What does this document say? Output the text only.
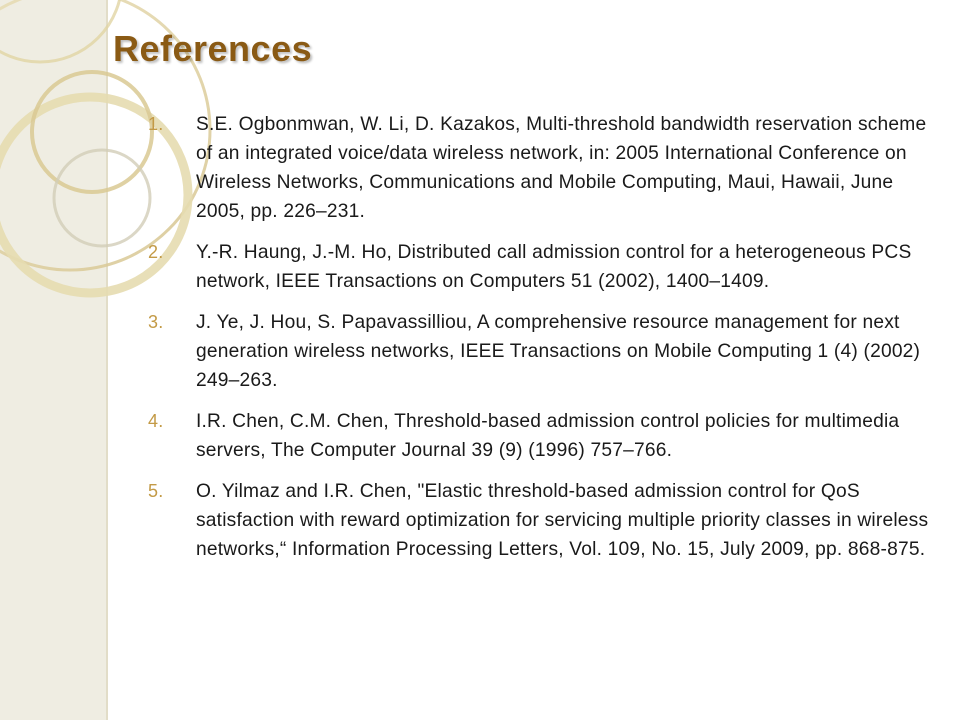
References
1. S.E. Ogbonmwan, W. Li, D. Kazakos, Multi-threshold bandwidth reservation scheme of an integrated voice/data wireless network, in: 2005 International Conference on Wireless Networks, Communications and Mobile Computing, Maui, Hawaii, June 2005, pp. 226–231.
2. Y.-R. Haung, J.-M. Ho, Distributed call admission control for a heterogeneous PCS network, IEEE Transactions on Computers 51 (2002), 1400–1409.
3. J. Ye, J. Hou, S. Papavassilliou, A comprehensive resource management for next generation wireless networks, IEEE Transactions on Mobile Computing 1 (4) (2002) 249–263.
4. I.R. Chen, C.M. Chen, Threshold-based admission control policies for multimedia servers, The Computer Journal 39 (9) (1996) 757–766.
5. O. Yilmaz and I.R. Chen, "Elastic threshold-based admission control for QoS satisfaction with reward optimization for servicing multiple priority classes in wireless networks,“ Information Processing Letters, Vol. 109, No. 15, July 2009, pp. 868-875.
